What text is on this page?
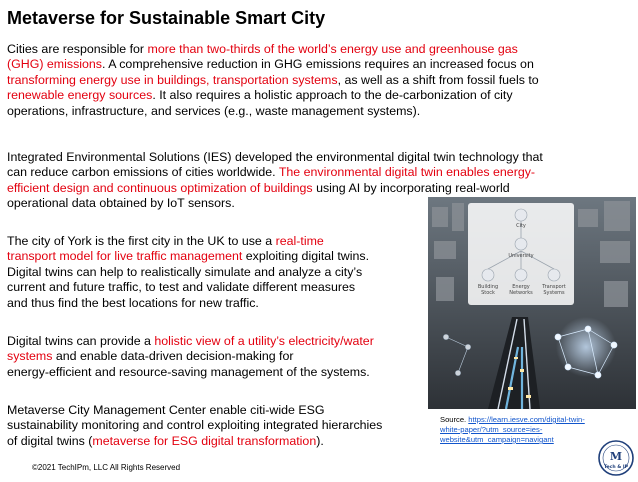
Metaverse for Sustainable Smart City

Cities are responsible for more than two-thirds of the world’s energy use and greenhouse gas
(GHG) emissions. A comprehensive reduction in GHG emissions requires an increased focus on
transforming energy use in buildings, transportation systems, as well as a shift from fossil fuels to
renewable energy sources. It also requires a holistic approach to the de-carbonization of city
operations, infrastructure, and services (e.g., waste management systems).

Integrated Environmental Solutions (IES) developed the environmental digital twin technology that
can reduce carbon emissions of cities worldwide. The environmental digital twin enables energy-
efficient design and continuous optimization of buildings using AI by incorporating real-world
operational data obtained by IoT sensors.

The city of York is the first city in the UK to use a real-time
transport model for live traffic management exploiting digital twins.
Digital twins can help to realistically simulate and analyze a city’s
current and future traffic, to test and validate different measures
and thus find the best locations for new traffic.

Digital twins can provide a holistic view of a utility’s electricity/water
systems and enable data-driven decision-making for
energy-efficient and resource-saving management of the systems.

Metaverse City Management Center enable citi-wide ESG
sustainability monitoring and control exploiting integrated hierarchies
of digital twins (metaverse for ESG digital transformation).

City
University
Building
Stock
Energy
Networks
Transport
Systems
Source. https://learn.iesve.com/digital-twin-
white-paper/?utm_source=ies-
website&utm_campaign=navigant
©2021 TechIPm, LLC All Rights Reserved
M
Tech & IP
